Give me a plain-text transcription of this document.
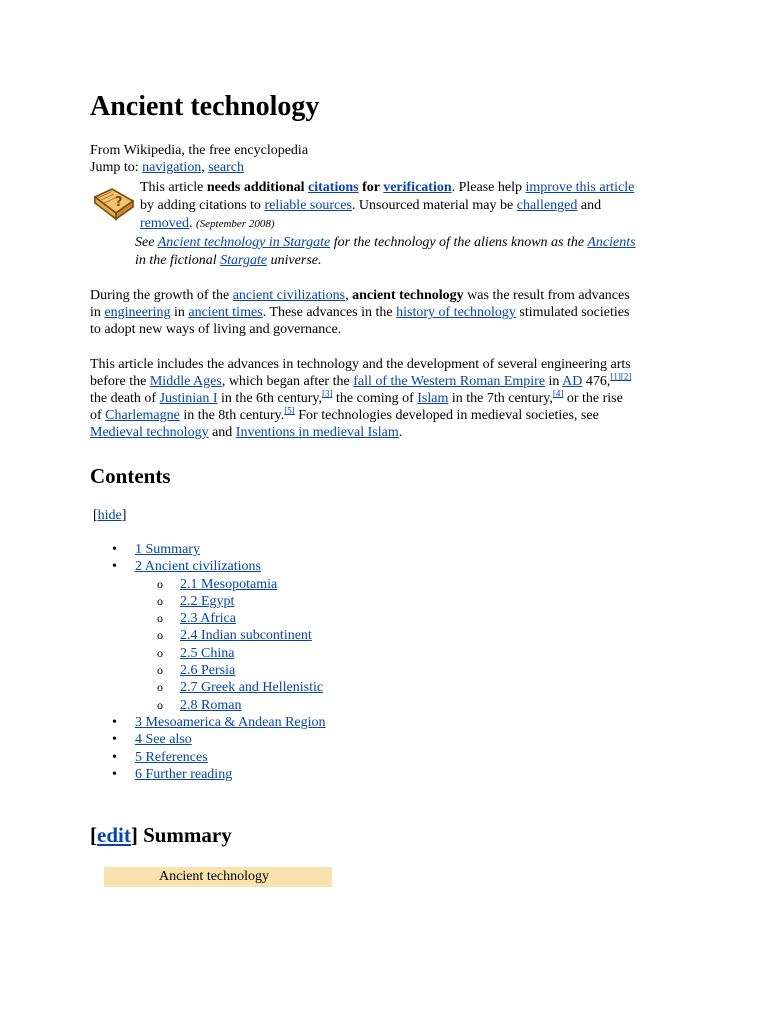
Ancient technology
From Wikipedia, the free encyclopedia
Jump to: navigation, search
?
This article needs additional citations for verification. Please help improve this article
by adding citations to reliable sources. Unsourced material may be challenged and
removed. (September 2008)
See Ancient technology in Stargate for the technology of the aliens known as the Ancients
in the fictional Stargate universe.
During the growth of the ancient civilizations, ancient technology was the result from advances
in engineering in ancient times. These advances in the history of technology stimulated societies
to adopt new ways of living and governance.
This article includes the advances in technology and the development of several engineering arts
before the Middle Ages, which began after the fall of the Western Roman Empire in AD 476,[1][2]
the death of Justinian I in the 6th century,[3] the coming of Islam in the 7th century,[4] or the rise
of Charlemagne in the 8th century.[5] For technologies developed in medieval societies, see
Medieval technology and Inventions in medieval Islam.
Contents
[hide]
• 1 Summary
• 2 Ancient civilizations
o 2.1 Mesopotamia
o 2.2 Egypt
o 2.3 Africa
o 2.4 Indian subcontinent
o 2.5 China
o 2.6 Persia
o 2.7 Greek and Hellenistic
o 2.8 Roman
• 3 Mesoamerica & Andean Region
• 4 See also
• 5 References
• 6 Further reading
[edit] Summary
Ancient technology
